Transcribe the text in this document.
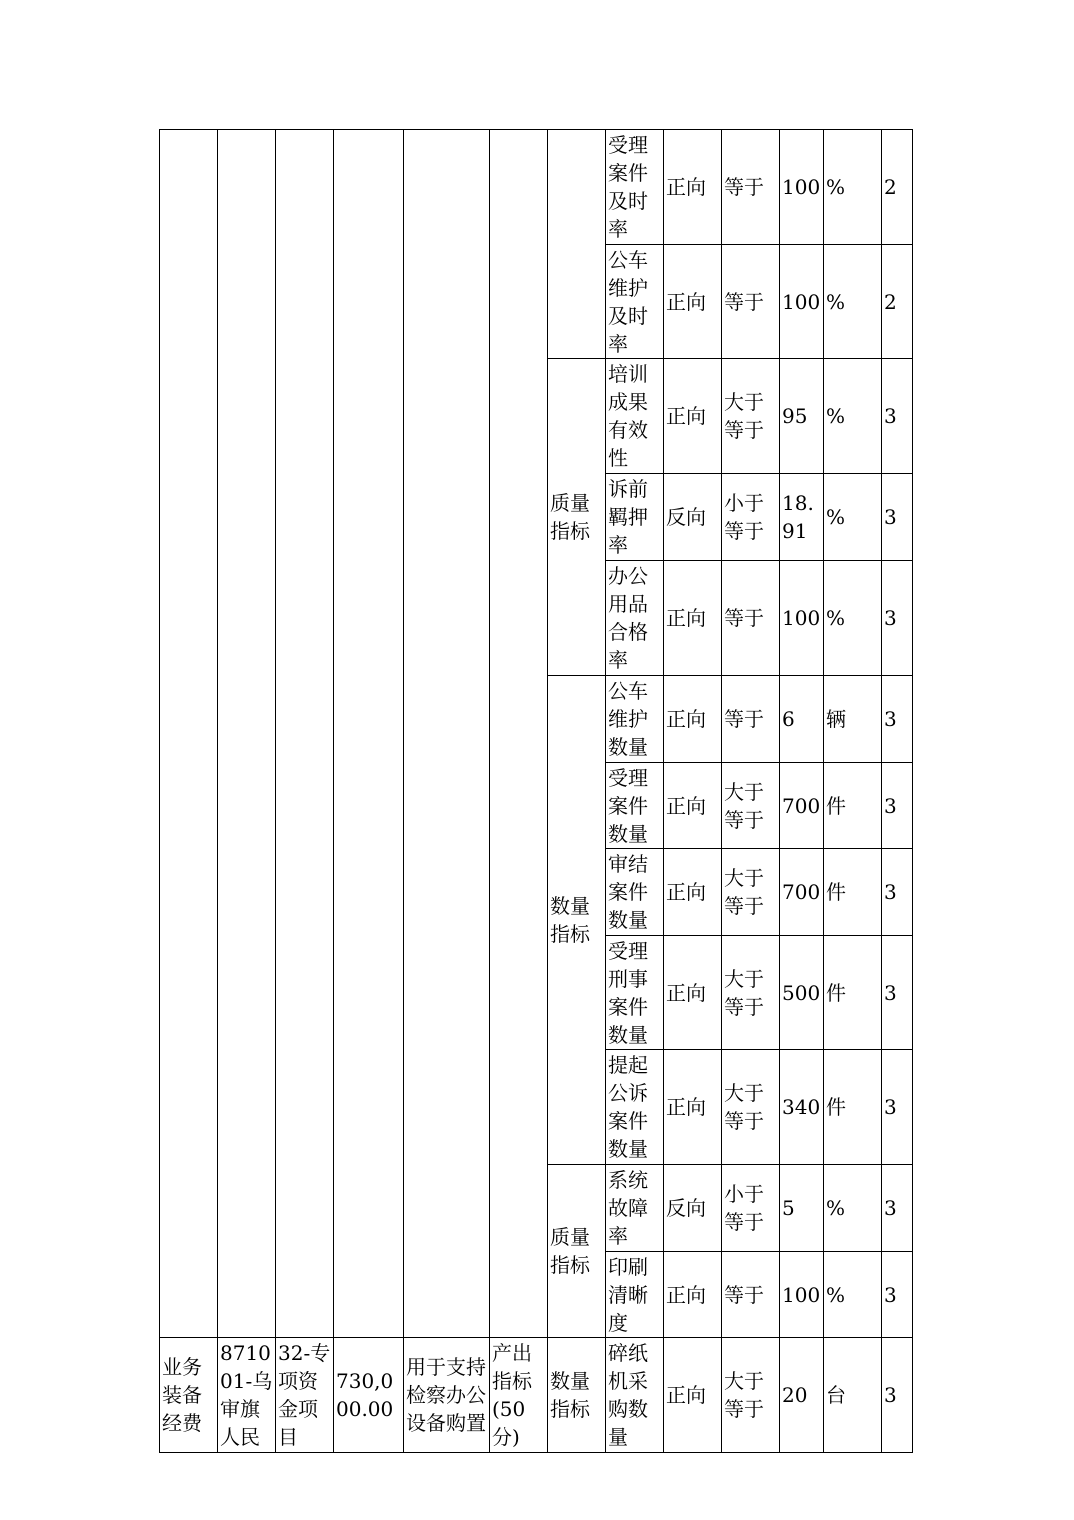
							受理案件及时率	正向	等于	100	%	2
							公车维护及时率	正向	等于	100	%	2
						质量指标	培训成果有效性	正向	大于等于	95	%	3
							诉前羁押率	反向	小于等于	18.91	%	3
							办公用品合格率	正向	等于	100	%	3
						数量指标	公车维护数量	正向	等于	6	辆	3
							受理案件数量	正向	大于等于	700	件	3
							审结案件数量	正向	大于等于	700	件	3
							受理刑事案件数量	正向	大于等于	500	件	3
							提起公诉案件数量	正向	大于等于	340	件	3
						质量指标	系统故障率	反向	小于等于	5	%	3
							印刷清晰度	正向	等于	100	%	3
业务装备经费	871001-乌审旗人民	32-专项资金项目	730,000.00	用于支持检察办公设备购置	产出指标(50分)	数量指标	碎纸机采购数量	正向	大于等于	20	台	3
